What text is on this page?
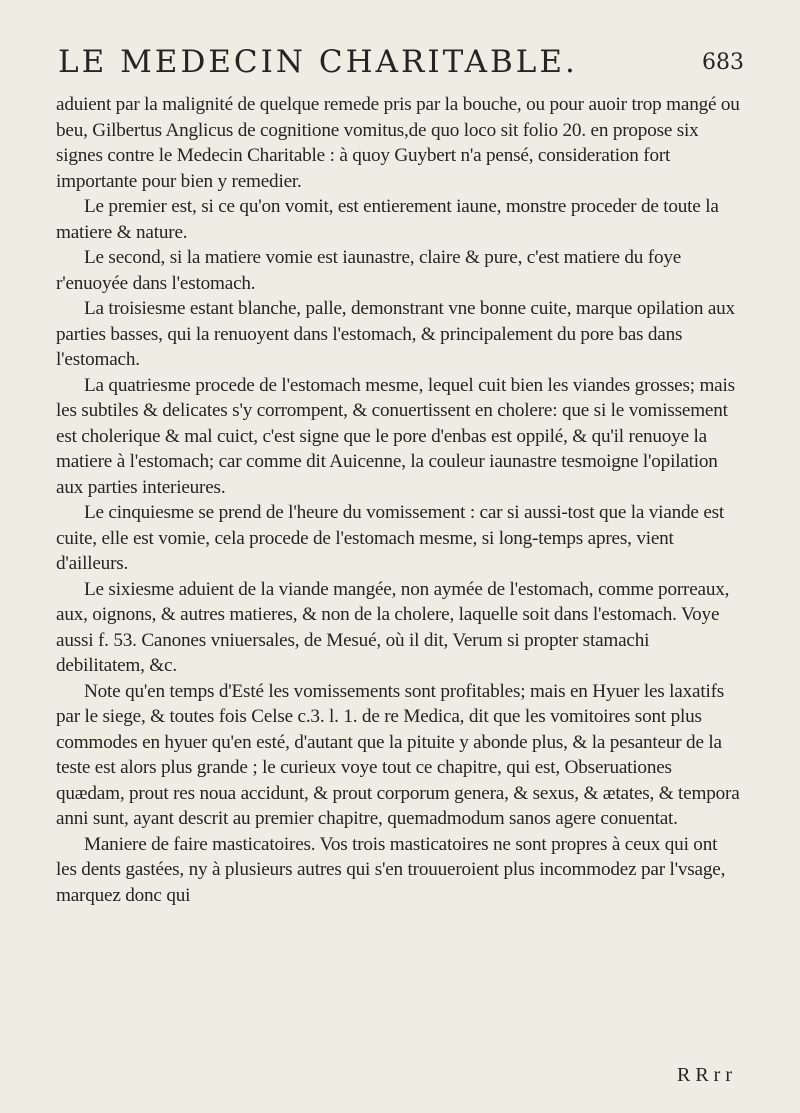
LE MEDECIN CHARITABLE.	683

aduient par la malignité de quelque remede pris par la bouche, ou pour auoir trop mangé ou beu, Gilbertus Anglicus de cognitione vomitus,de quo loco sit folio 20. en propose six signes contre le Medecin Charitable : à quoy Guybert n'a pensé, consideration fort importante pour bien y remedier.

Le premier est, si ce qu'on vomit, est entierement iaune, monstre proceder de toute la matiere & nature.

Le second, si la matiere vomie est iaunastre, claire & pure, c'est matiere du foye r'enuoyée dans l'estomach.

La troisiesme estant blanche, palle, demonstrant vne bonne cuite, marque opilation aux parties basses, qui la renuoyent dans l'estomach, & principalement du pore bas dans l'estomach.

La quatriesme procede de l'estomach mesme, lequel cuit bien les viandes grosses; mais les subtiles & delicates s'y corrompent, & conuertissent en cholere: que si le vomissement est cholerique & mal cuict, c'est signe que le pore d'enbas est oppilé, & qu'il renuoye la matiere à l'estomach; car comme dit Auicenne, la couleur iaunastre tesmoigne l'opilation aux parties interieures.

Le cinquiesme se prend de l'heure du vomissement : car si aussi-tost que la viande est cuite, elle est vomie, cela procede de l'estomach mesme, si long-temps apres, vient d'ailleurs.

Le sixiesme aduient de la viande mangée, non aymée de l'estomach, comme porreaux, aux, oignons, & autres matieres, & non de la cholere, laquelle soit dans l'estomach. Voye aussi f. 53. Canones vniuersales, de Mesué, où il dit, Verum si propter stamachi debilitatem, &c.

Note qu'en temps d'Esté les vomissements sont profitables; mais en Hyuer les laxatifs par le siege, & toutes fois Celse c.3. l. 1. de re Medica, dit que les vomitoires sont plus commodes en hyuer qu'en esté, d'autant que la pituite y abonde plus, & la pesanteur de la teste est alors plus grande ; le curieux voye tout ce chapitre, qui est, Obseruationes quædam, prout res noua accidunt, & prout corporum genera, & sexus, & ætates, & tempora anni sunt, ayant descrit au premier chapitre, quemadmodum sanos agere conuentat.

Maniere de faire masticatoires. Vos trois masticatoires ne sont propres à ceux qui ont les dents gastées, ny à plusieurs autres qui s'en trouueroient plus incommodez par l'vsage, marquez donc qui

R R r r
